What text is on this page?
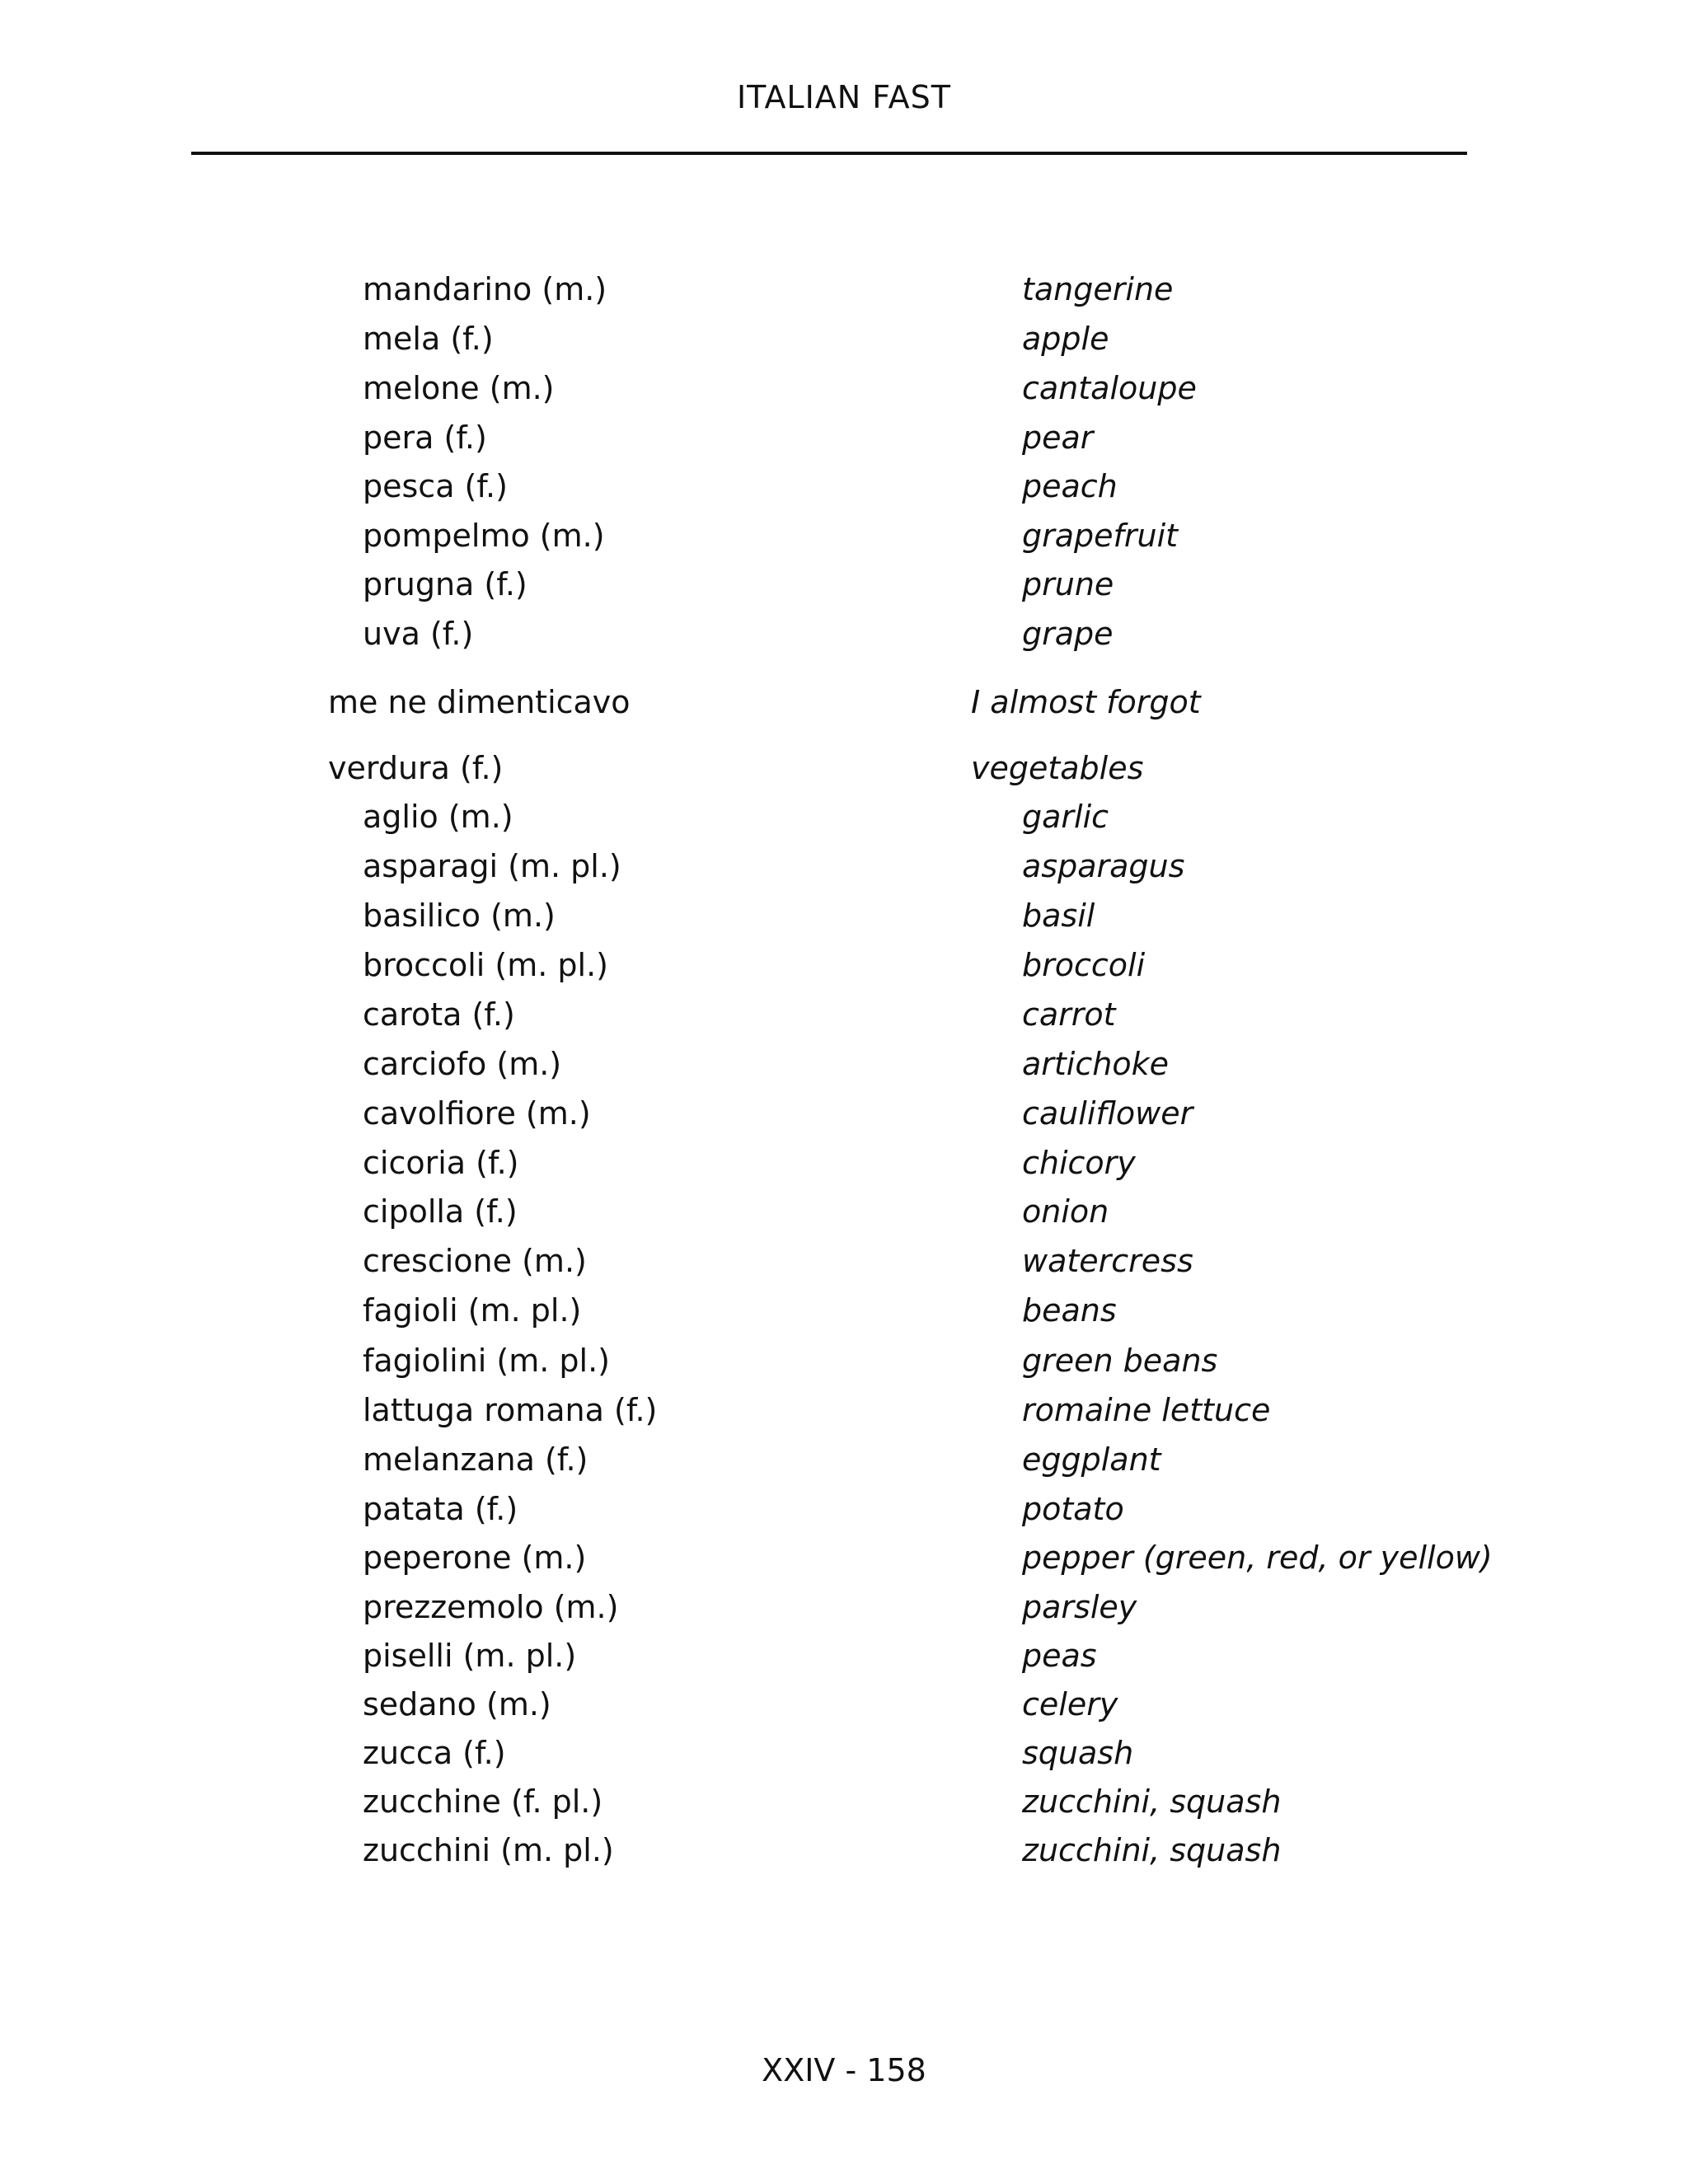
ITALIAN FAST
mandarino (m.)	tangerine
mela (f.)	apple
melone (m.)	cantaloupe
pera (f.)	pear
pesca (f.)	peach
pompelmo (m.)	grapefruit
prugna (f.)	prune
uva (f.)	grape
me ne dimenticavo	I almost forgot
verdura (f.)	vegetables
aglio (m.)	garlic
asparagi (m. pl.)	asparagus
basilico (m.)	basil
broccoli (m. pl.)	broccoli
carota (f.)	carrot
carciofo (m.)	artichoke
cavolfiore (m.)	cauliflower
cicoria (f.)	chicory
cipolla (f.)	onion
crescione (m.)	watercress
fagioli (m. pl.)	beans
fagiolini (m. pl.)	green beans
lattuga romana (f.)	romaine lettuce
melanzana (f.)	eggplant
patata (f.)	potato
peperone (m.)	pepper (green, red, or yellow)
prezzemolo (m.)	parsley
piselli (m. pl.)	peas
sedano (m.)	celery
zucca (f.)	squash
zucchine (f. pl.)	zucchini, squash
zucchini (m. pl.)	zucchini, squash
XXIV - 158
